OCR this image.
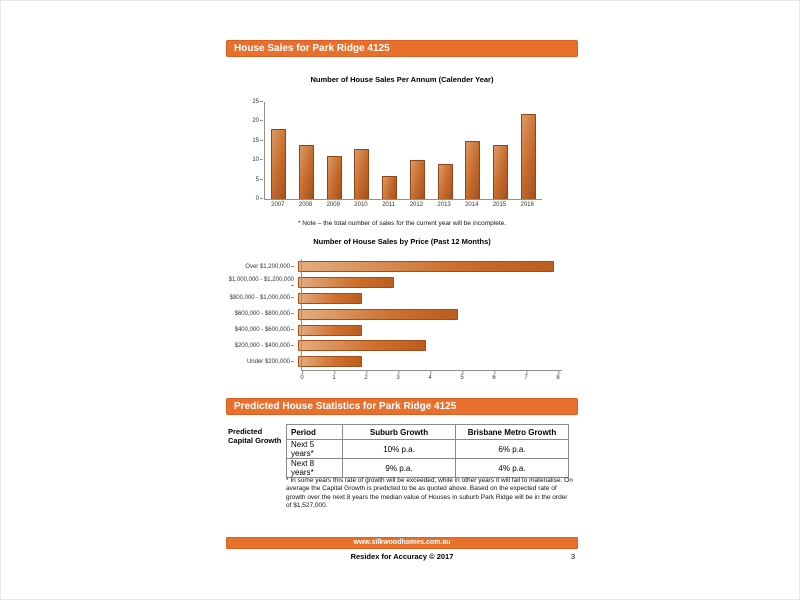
House Sales for Park Ridge 4125
Number of House Sales Per Annum (Calender Year)
0
5
10
15
20
25
2007	2008	2009	2010	2011	2012	2013	2014	2015	2016
* Note – the total number of sales for the current year will be incomplete.
Number of House Sales by Price (Past 12 Months)
Over $1,200,000
$1,000,000 - $1,200,000
$800,000 - $1,000,000
$600,000 - $800,000
$400,000 - $600,000
$200,000 - $400,000
Under $200,000
0	1	2	3	4	5	6	7	8
Predicted House Statistics for Park Ridge 4125
Predicted Capital Growth
Period	Suburb Growth	Brisbane Metro Growth
Next 5 years*	10% p.a.	6% p.a.
Next 8 years*	9% p.a.	4% p.a.
* In some years this rate of growth will be exceeded, while in other years it will fail to materialise. On average the Capital Growth is predicted to be as quoted above. Based on the expected rate of growth over the next 8 years the median value of Houses in suburb Park Ridge will be in the order of $1,527,000.
www.silkwoodhomes.com.au
Residex for Accuracy © 2017	3
